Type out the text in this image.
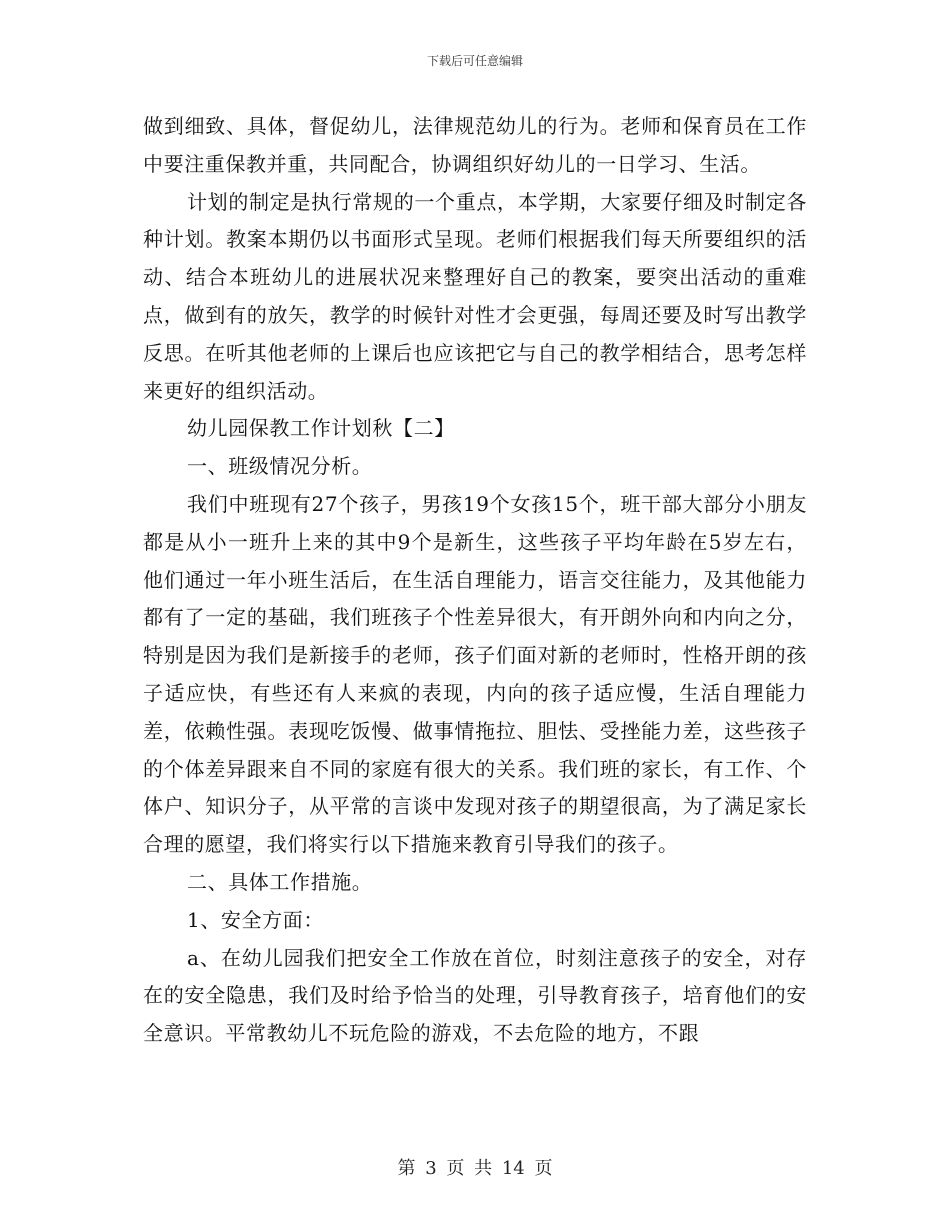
下载后可任意编辑

做到细致、具体，督促幼儿，法律规范幼儿的行为。老师和保育员在工作中要注重保教并重，共同配合，协调组织好幼儿的一日学习、生活。

计划的制定是执行常规的一个重点，本学期，大家要仔细及时制定各种计划。教案本期仍以书面形式呈现。老师们根据我们每天所要组织的活动、结合本班幼儿的进展状况来整理好自己的教案，要突出活动的重难点，做到有的放矢，教学的时候针对性才会更强，每周还要及时写出教学反思。在听其他老师的上课后也应该把它与自己的教学相结合，思考怎样来更好的组织活动。

幼儿园保教工作计划秋【二】

一、班级情况分析。

我们中班现有27个孩子，男孩19个女孩15个，班干部大部分小朋友都是从小一班升上来的其中9个是新生，这些孩子平均年龄在5岁左右，他们通过一年小班生活后，在生活自理能力，语言交往能力，及其他能力都有了一定的基础，我们班孩子个性差异很大，有开朗外向和内向之分，特别是因为我们是新接手的老师，孩子们面对新的老师时，性格开朗的孩子适应快，有些还有人来疯的表现，内向的孩子适应慢，生活自理能力差，依赖性强。表现吃饭慢、做事情拖拉、胆怯、受挫能力差，这些孩子的个体差异跟来自不同的家庭有很大的关系。我们班的家长，有工作、个体户、知识分子，从平常的言谈中发现对孩子的期望很高，为了满足家长合理的愿望，我们将实行以下措施来教育引导我们的孩子。

二、具体工作措施。

1、安全方面：

a、在幼儿园我们把安全工作放在首位，时刻注意孩子的安全，对存在的安全隐患，我们及时给予恰当的处理，引导教育孩子，培育他们的安全意识。平常教幼儿不玩危险的游戏，不去危险的地方，不跟

第 3 页 共 14 页
